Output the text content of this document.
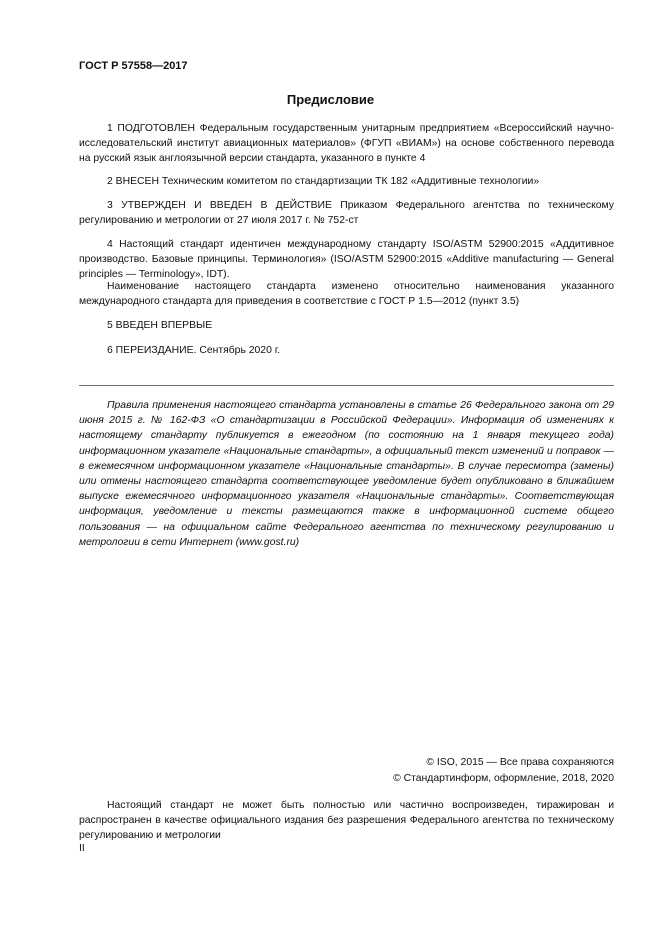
ГОСТ Р 57558—2017
Предисловие

1 ПОДГОТОВЛЕН Федеральным государственным унитарным предприятием «Всероссийский научно-исследовательский институт авиационных материалов» (ФГУП «ВИАМ») на основе собственного перевода на русский язык англоязычной версии стандарта, указанного в пункте 4

2 ВНЕСЕН Техническим комитетом по стандартизации ТК 182 «Аддитивные технологии»

3 УТВЕРЖДЕН И ВВЕДЕН В ДЕЙСТВИЕ Приказом Федерального агентства по техническому регулированию и метрологии от 27 июля 2017 г. № 752-ст

4 Настоящий стандарт идентичен международному стандарту ISO/ASTM 52900:2015 «Аддитивное производство. Базовые принципы. Терминология» (ISO/ASTM 52900:2015 «Additive manufacturing — General principles — Terminology», IDT).

Наименование настоящего стандарта изменено относительно наименования указанного международного стандарта для приведения в соответствие с ГОСТ Р 1.5—2012 (пункт 3.5)

5 ВВЕДЕН ВПЕРВЫЕ

6 ПЕРЕИЗДАНИЕ. Сентябрь 2020 г.

Правила применения настоящего стандарта установлены в статье 26 Федерального закона от 29 июня 2015 г. № 162-ФЗ «О стандартизации в Российской Федерации». Информация об изменениях к настоящему стандарту публикуется в ежегодном (по состоянию на 1 января текущего года) информационном указателе «Национальные стандарты», а официальный текст изменений и поправок — в ежемесячном информационном указателе «Национальные стандарты». В случае пересмотра (замены) или отмены настоящего стандарта соответствующее уведомление будет опубликовано в ближайшем выпуске ежемесячного информационного указателя «Национальные стандарты». Соответствующая информация, уведомление и тексты размещаются также в информационной системе общего пользования — на официальном сайте Федерального агентства по техническому регулированию и метрологии в сети Интернет (www.gost.ru)

© ISO, 2015 — Все права сохраняются
© Стандартинформ, оформление, 2018, 2020

Настоящий стандарт не может быть полностью или частично воспроизведен, тиражирован и распространен в качестве официального издания без разрешения Федерального агентства по техническому регулированию и метрологии

II
